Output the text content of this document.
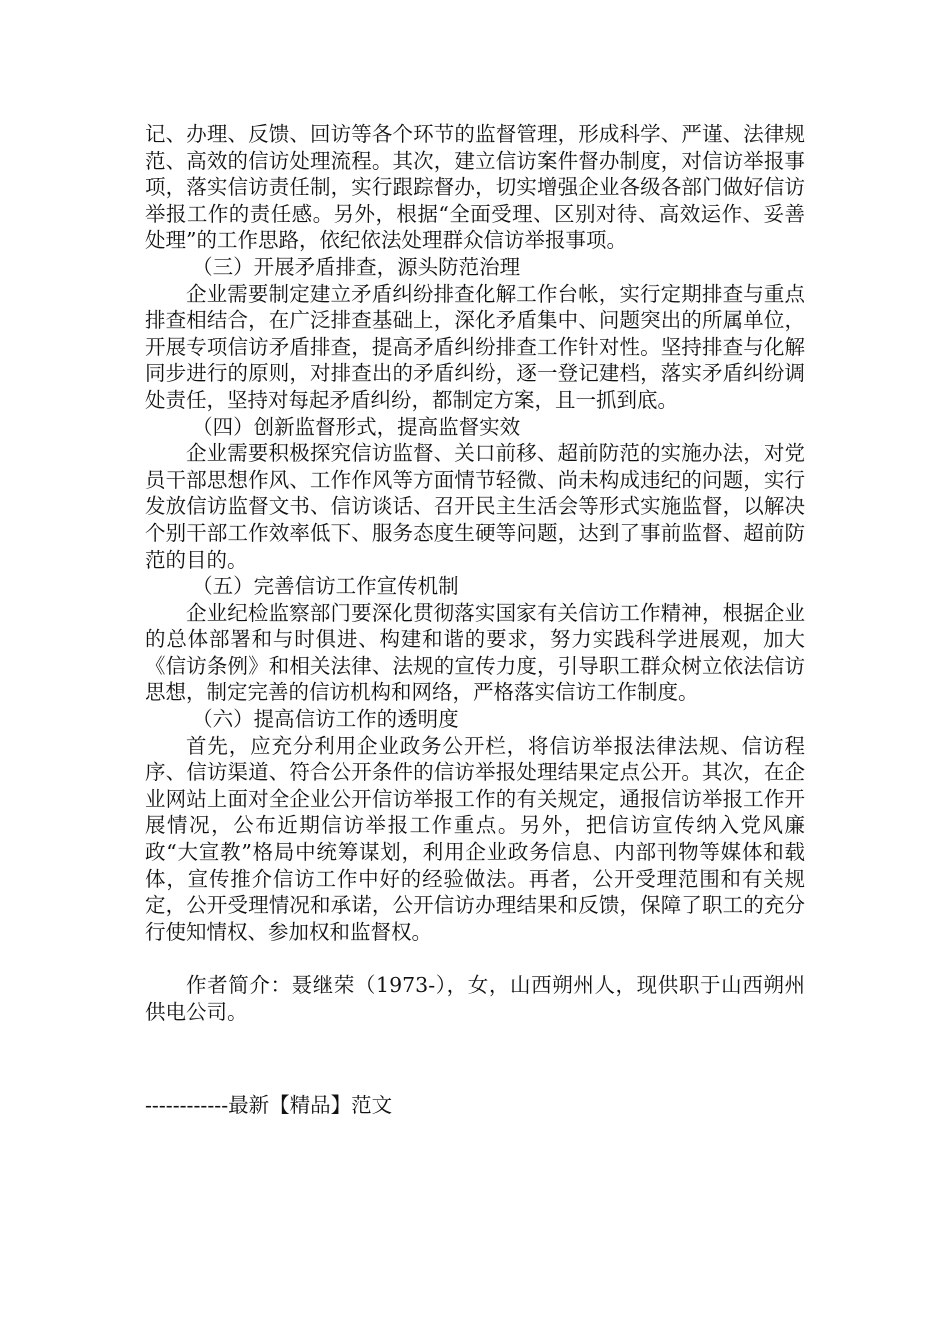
记、办理、反馈、回访等各个环节的监督管理，形成科学、严谨、法律规范、高效的信访处理流程。其次，建立信访案件督办制度，对信访举报事项，落实信访责任制，实行跟踪督办，切实增强企业各级各部门做好信访举报工作的责任感。另外，根据“全面受理、区别对待、高效运作、妥善处理”的工作思路，依纪依法处理群众信访举报事项。

（三）开展矛盾排查，源头防范治理

企业需要制定建立矛盾纠纷排查化解工作台帐，实行定期排查与重点排查相结合，在广泛排查基础上，深化矛盾集中、问题突出的所属单位，开展专项信访矛盾排查，提高矛盾纠纷排查工作针对性。坚持排查与化解同步进行的原则，对排查出的矛盾纠纷，逐一登记建档，落实矛盾纠纷调处责任，坚持对每起矛盾纠纷，都制定方案，且一抓到底。

（四）创新监督形式，提高监督实效

企业需要积极探究信访监督、关口前移、超前防范的实施办法，对党员干部思想作风、工作作风等方面情节轻微、尚未构成违纪的问题，实行发放信访监督文书、信访谈话、召开民主生活会等形式实施监督，以解决个别干部工作效率低下、服务态度生硬等问题，达到了事前监督、超前防范的目的。

（五）完善信访工作宣传机制

企业纪检监察部门要深化贯彻落实国家有关信访工作精神，根据企业的总体部署和与时俱进、构建和谐的要求，努力实践科学进展观，加大《信访条例》和相关法律、法规的宣传力度，引导职工群众树立依法信访思想，制定完善的信访机构和网络，严格落实信访工作制度。

（六）提高信访工作的透明度

首先，应充分利用企业政务公开栏，将信访举报法律法规、信访程序、信访渠道、符合公开条件的信访举报处理结果定点公开。其次，在企业网站上面对全企业公开信访举报工作的有关规定，通报信访举报工作开展情况，公布近期信访举报工作重点。另外，把信访宣传纳入党风廉政“大宣教”格局中统筹谋划，利用企业政务信息、内部刊物等媒体和载体，宣传推介信访工作中好的经验做法。再者，公开受理范围和有关规定，公开受理情况和承诺，公开信访办理结果和反馈，保障了职工的充分行使知情权、参加权和监督权。

作者简介：聂继荣（1973-），女，山西朔州人，现供职于山西朔州供电公司。

------------最新【精品】范文
